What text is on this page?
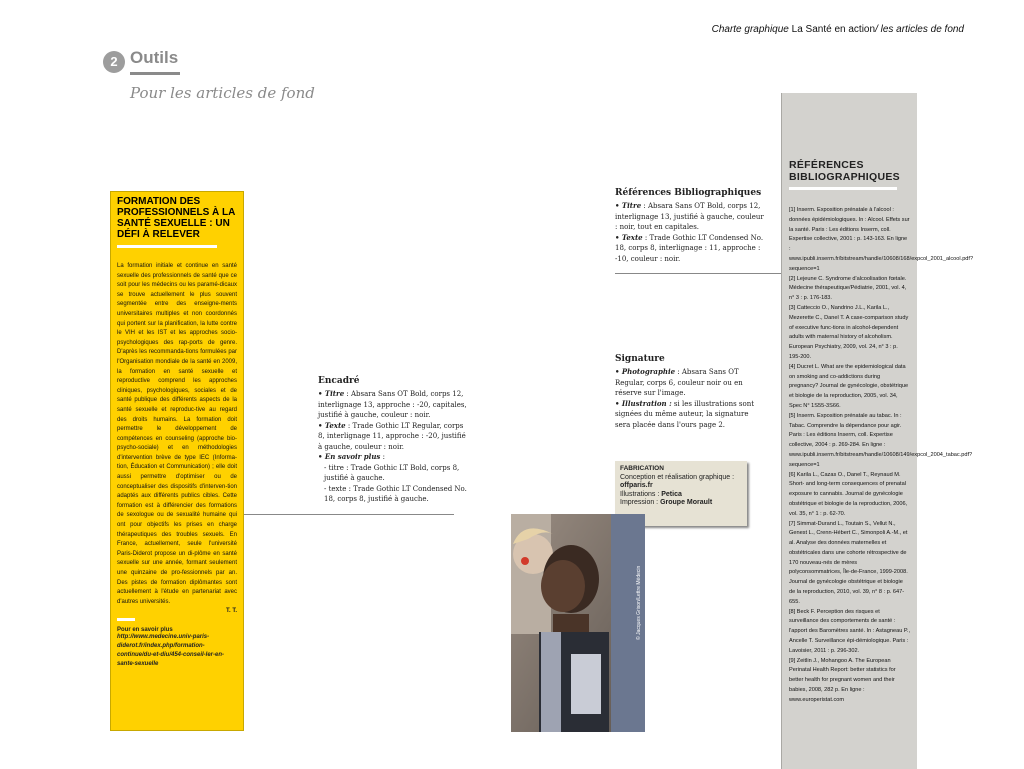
Charte graphique La Santé en action/ les articles de fond
2 Outils
Pour les articles de fond
FORMATION DES PROFESSIONNELS À LA SANTÉ SEXUELLE : UN DÉFI À RELEVER
La formation initiale et continue en santé sexuelle des professionnels de santé que ce soit pour les médecins ou les paramé-dicaux se trouve actuellement le plus souvent segmentée entre des enseigne-ments universitaires multiples et non coordonnés qui portent sur la planification, la lutte contre le VIH et les IST et les approches socio-psychologiques des rap-ports de genre. D'après les recommanda-tions formulées par l'Organisation mondiale de la santé en 2009, la formation en santé sexuelle et reproductive comprend les approches cliniques, psychologiques, sociales et de santé publique des différents aspects de la santé sexuelle et reproduc-tive au regard des droits humains. La formation doit permettre le développement de compétences en counseling (approche bio-psycho-sociale) et en méthodologies d'intervention brève de type IEC (Informa-tion, Éducation et Communication) ; elle doit aussi permettre d'optimiser ou de conceptualiser des dispositifs d'interven-tion adaptés aux différents publics cibles. Cette formation est à différencier des formations de sexologue ou de sexualité humaine qui ont pour objectifs les prises en charge thérapeutiques des troubles sexuels. En France, actuellement, seule l'université Paris-Diderot propose un di-plôme en santé sexuelle sur une année, formant seulement une quinzaine de pro-fessionnels par an. Des pistes de formation diplômantes sont actuellement à l'étude en partenariat avec d'autres universités.
T. T.
Pour en savoir plus
http://www.medecine.univ-paris-diderot.fr/index.php/formation-continue/du-et-diu/454-conseil-ler-en-sante-sexuelle
Encadré
• Titre : Absara Sans OT Bold, corps 12, interlignage 13, approche : -20, capitales, justifié à gauche, couleur : noir.
• Texte : Trade Gothic LT Regular, corps 8, interlignage 11, approche : -20, justifié à gauche, couleur : noir.
• En savoir plus :
- titre : Trade Gothic LT Bold, corps 8, justifié à gauche.
- texte : Trade Gothic LT Condensed No. 18, corps 8, justifié à gauche.
Références Bibliographiques
• Titre : Absara Sans OT Bold, corps 12, interlignage 13, justifié à gauche, couleur : noir, tout en capitales.
• Texte : Trade Gothic LT Condensed No. 18, corps 8, interlignage : 11, approche : -10, couleur : noir.
Signature
• Photographie : Absara Sans OT Regular, corps 6, couleur noir ou en réserve sur l'image.
• Illustration : si les illustrations sont signées du même auteur, la signature sera placée dans l'ours page 2.
FABRICATION
Conception et réalisation graphique :
offparis.fr
Illustrations : Petica
Impression : Groupe Morault
© Jacques Grison/Lettre Médecin
RÉFÉRENCES BIBLIOGRAPHIQUES
[1] Inserm. Exposition prénatale à l'alcool : données épidémiologiques. In : Alcool. Effets sur la santé. Paris : Les éditions Inserm, coll. Expertise collective, 2001 : p. 143-163. En ligne : www.ipubli.inserm.fr/bitstream/handle/10608/168/expcol_2001_alcool.pdf?sequence=1
[2] Lejeune C. Syndrome d'alcoolisation fœtale. Médecine thérapeutique/Pédiatrie, 2001, vol. 4, n° 3 : p. 176-183.
[3] Catteccio O., Nandrino J.L., Karila L., Mezerette C., Danel T. A case-comparison study of executive func-tions in alcohol-dependent adults with maternal history of alcoholism. European Psychiatry, 2009, vol. 24, n° 3 : p. 195-200.
[4] Ducret L. What are the epidemiological data on smoking and co-addictions during pregnancy? Journal de gynécologie, obstétrique et biologie de la reproduction, 2005, vol. 34, Spec N° 1S55-3S66.
[5] Inserm. Exposition prénatale au tabac. In : Tabac. Comprendre la dépendance pour agir. Paris : Les éditions Inserm, coll. Expertise collective, 2004 : p. 269-284. En ligne : www.ipubli.inserm.fr/bitstream/handle/10608/149/expcol_2004_tabac.pdf?sequence=1
[6] Karila L., Cazas O., Danel T., Reynaud M. Short- and long-term consequences of prenatal exposure to cannabis. Journal de gynécologie obstétrique et biologie de la reproduction, 2006, vol. 35, n° 1 : p. 62-70.
[7] Simmat-Durand L., Toutain S., Vellut N., Genest L., Crenn-Hébert C., Simonpoli A.-M., et al. Analyse des données maternelles et obstétricales dans une cohorte rétrospective de 170 nouveau-nés de mères polyconsommatrices, Île-de-France, 1999-2008. Journal de gynécologie obstétrique et biologie de la reproduction, 2010, vol. 39, n° 8 : p. 647-655.
[8] Beck F. Perception des risques et surveillance des comportements de santé : l'apport des Baromètres santé. In : Astagneau P., Ancelle T. Surveillance épi-démiologique. Paris : Lavoisier, 2011 : p. 296-302.
[9] Zeitlin J., Mohangoo A. The European Perinatal Health Report: better statistics for better health for pregnant women and their babies, 2008, 282 p. En ligne : www.europeristat.com
